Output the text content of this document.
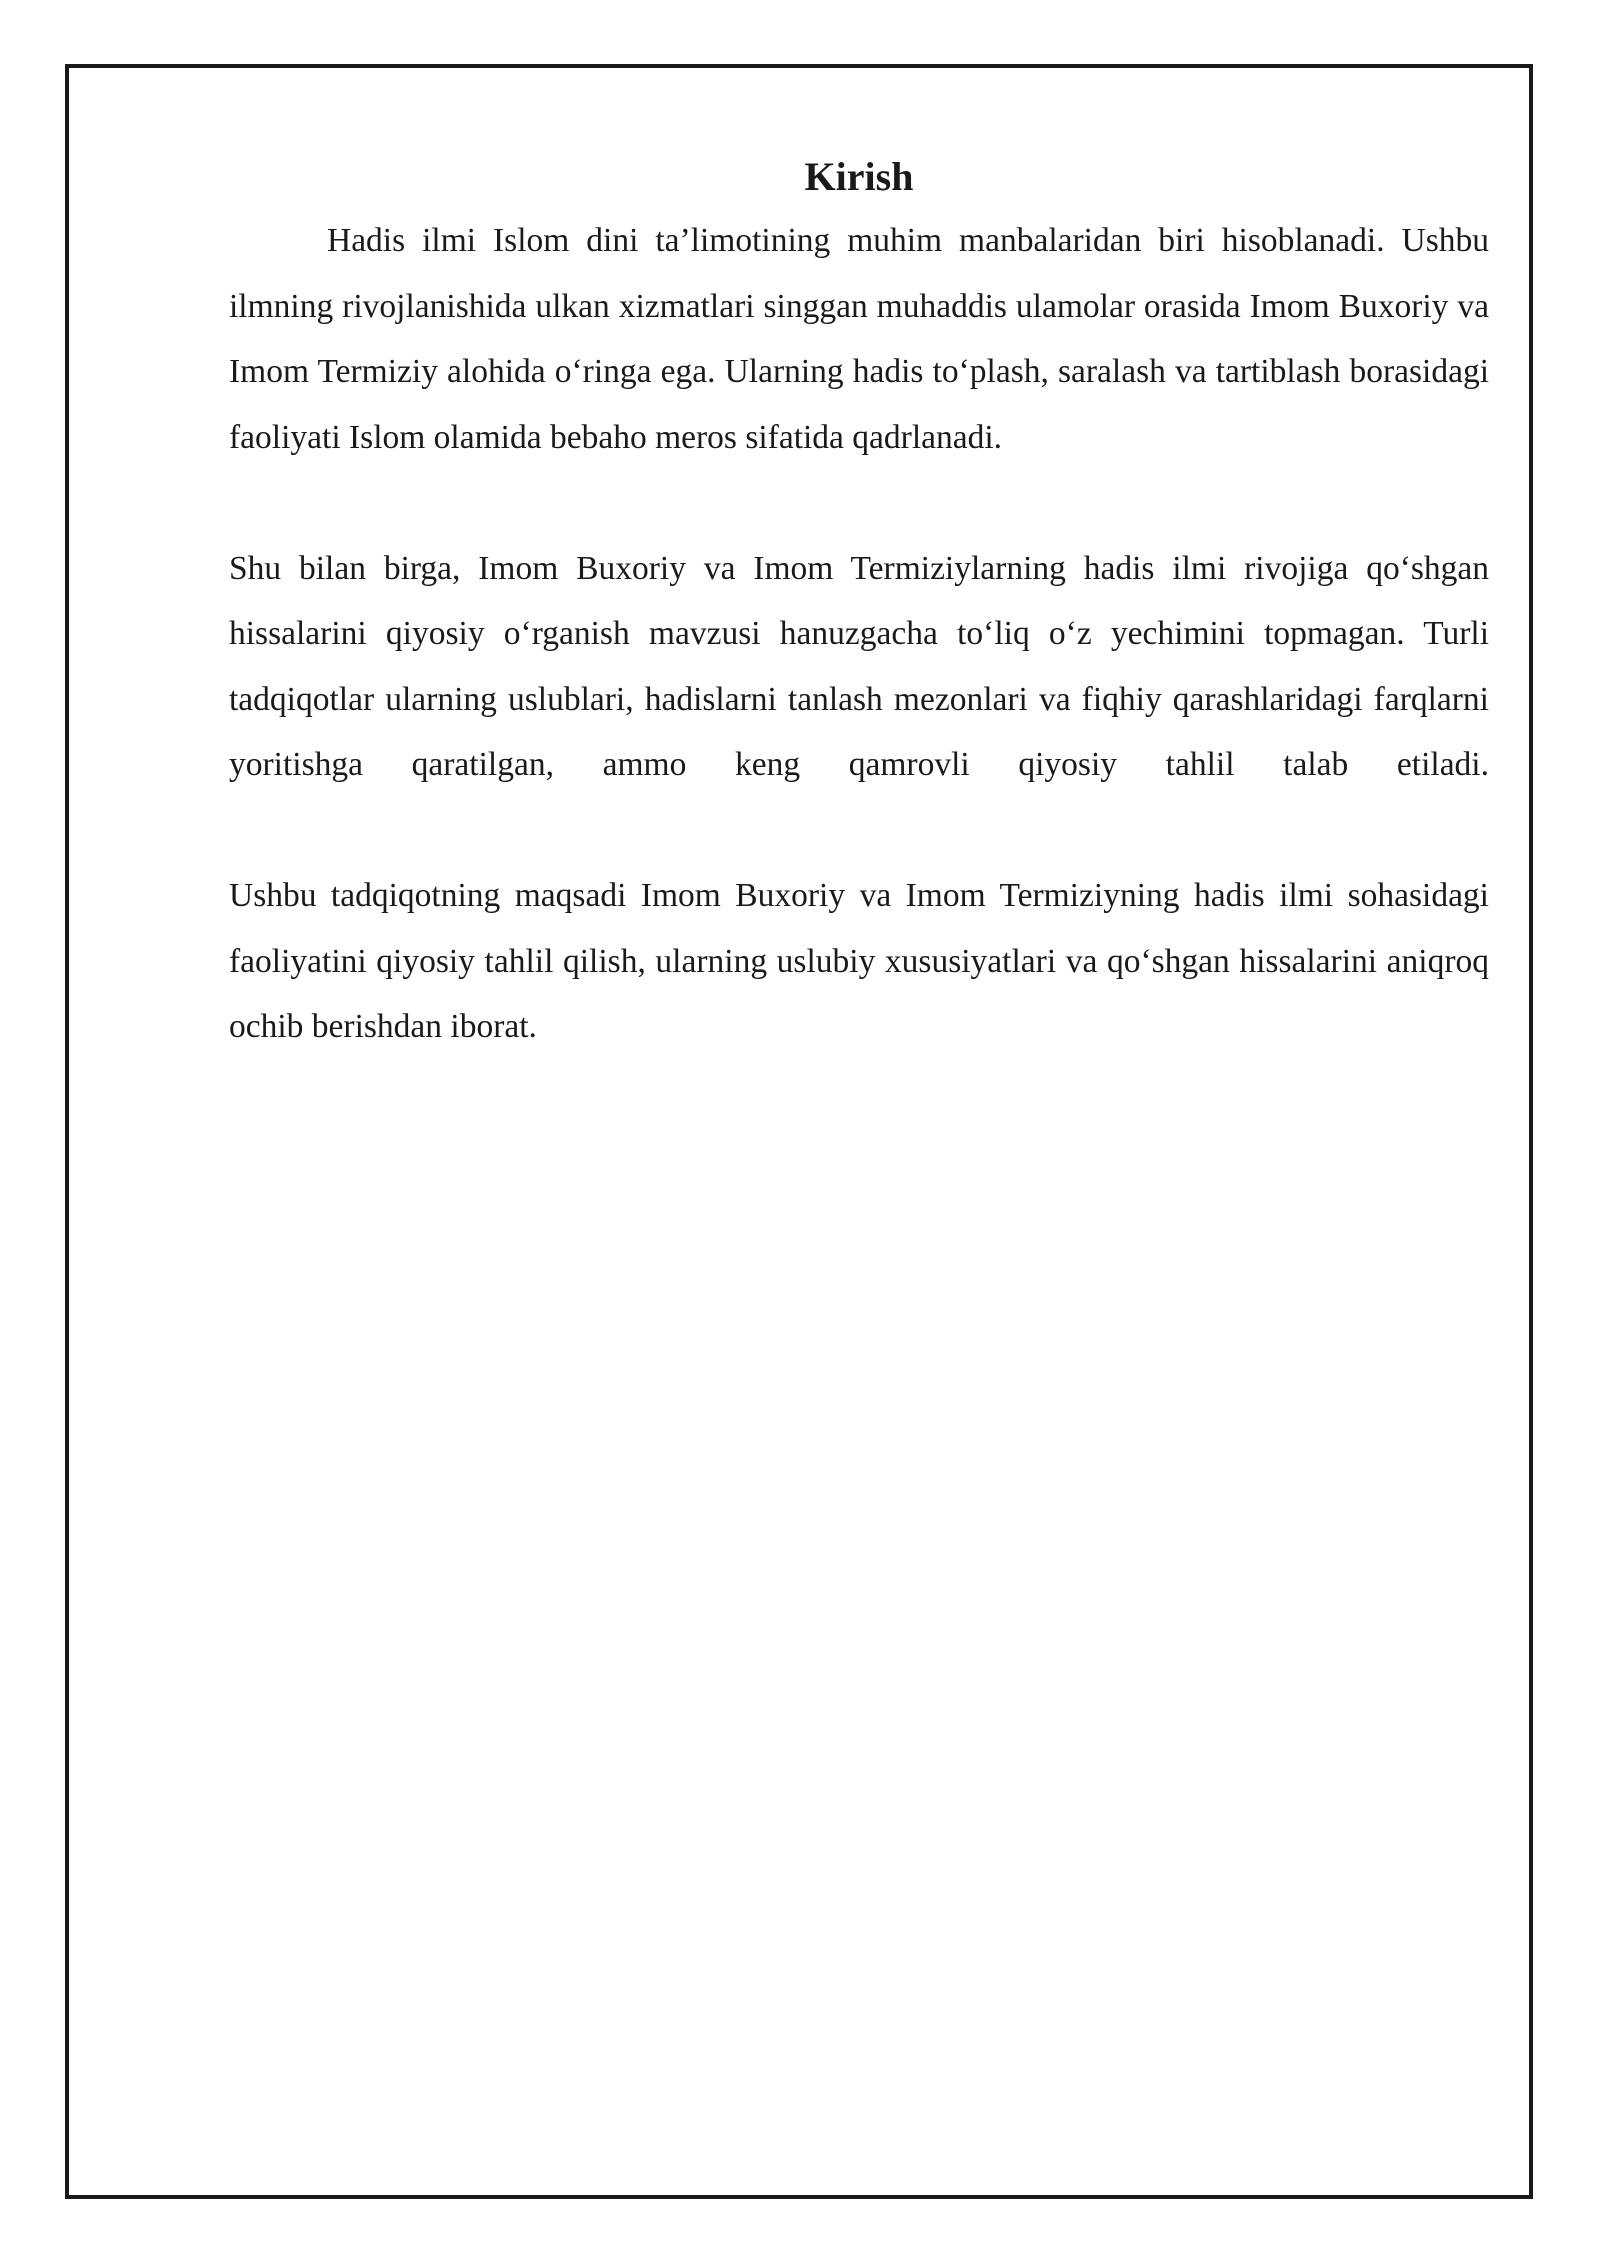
Kirish

Hadis ilmi Islom dini ta’limotining muhim manbalaridan biri hisoblanadi. Ushbu ilmning rivojlanishida ulkan xizmatlari singgan muhaddis ulamolar orasida Imom Buxoriy va Imom Termiziy alohida o‘ringa ega. Ularning hadis to‘plash, saralash va tartiblash borasidagi faoliyati Islom olamida bebaho meros sifatida qadrlanadi.

Shu bilan birga, Imom Buxoriy va Imom Termiziylarning hadis ilmi rivojiga qo‘shgan hissalarini qiyosiy o‘rganish mavzusi hanuzgacha to‘liq o‘z yechimini topmagan. Turli tadqiqotlar ularning uslublari, hadislarni tanlash mezonlari va fiqhiy qarashlaridagi farqlarni yoritishga qaratilgan, ammo keng qamrovli qiyosiy tahlil talab etiladi.

Ushbu tadqiqotning maqsadi Imom Buxoriy va Imom Termiziyning hadis ilmi sohasidagi faoliyatini qiyosiy tahlil qilish, ularning uslubiy xususiyatlari va qo‘shgan hissalarini aniqroq ochib berishdan iborat.
